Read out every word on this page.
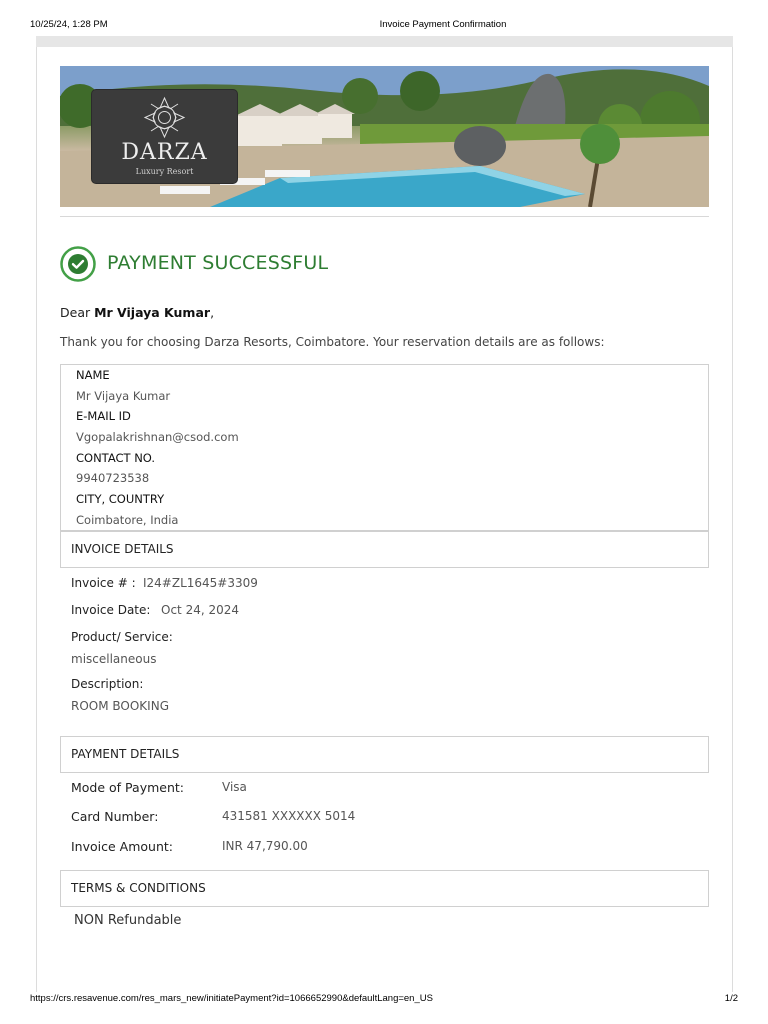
10/25/24, 1:28 PM	Invoice Payment Confirmation
DARZA
Luxury Resort
PAYMENT SUCCESSFUL
Dear Mr Vijaya Kumar,
Thank you for choosing Darza Resorts, Coimbatore. Your reservation details are as follows:
NAME
Mr Vijaya Kumar
E-MAIL ID
Vgopalakrishnan@csod.com
CONTACT NO.
9940723538
CITY, COUNTRY
Coimbatore, India
INVOICE DETAILS
Invoice # : I24#ZL1645#3309
Invoice Date: Oct 24, 2024
Product/ Service:
miscellaneous
Description:
ROOM BOOKING
PAYMENT DETAILS
Mode of Payment:	Visa
Card Number:	431581 XXXXXX 5014
Invoice Amount:	INR 47,790.00
TERMS & CONDITIONS
NON Refundable
https://crs.resavenue.com/res_mars_new/initiatePayment?id=1066652990&defaultLang=en_US	1/2
